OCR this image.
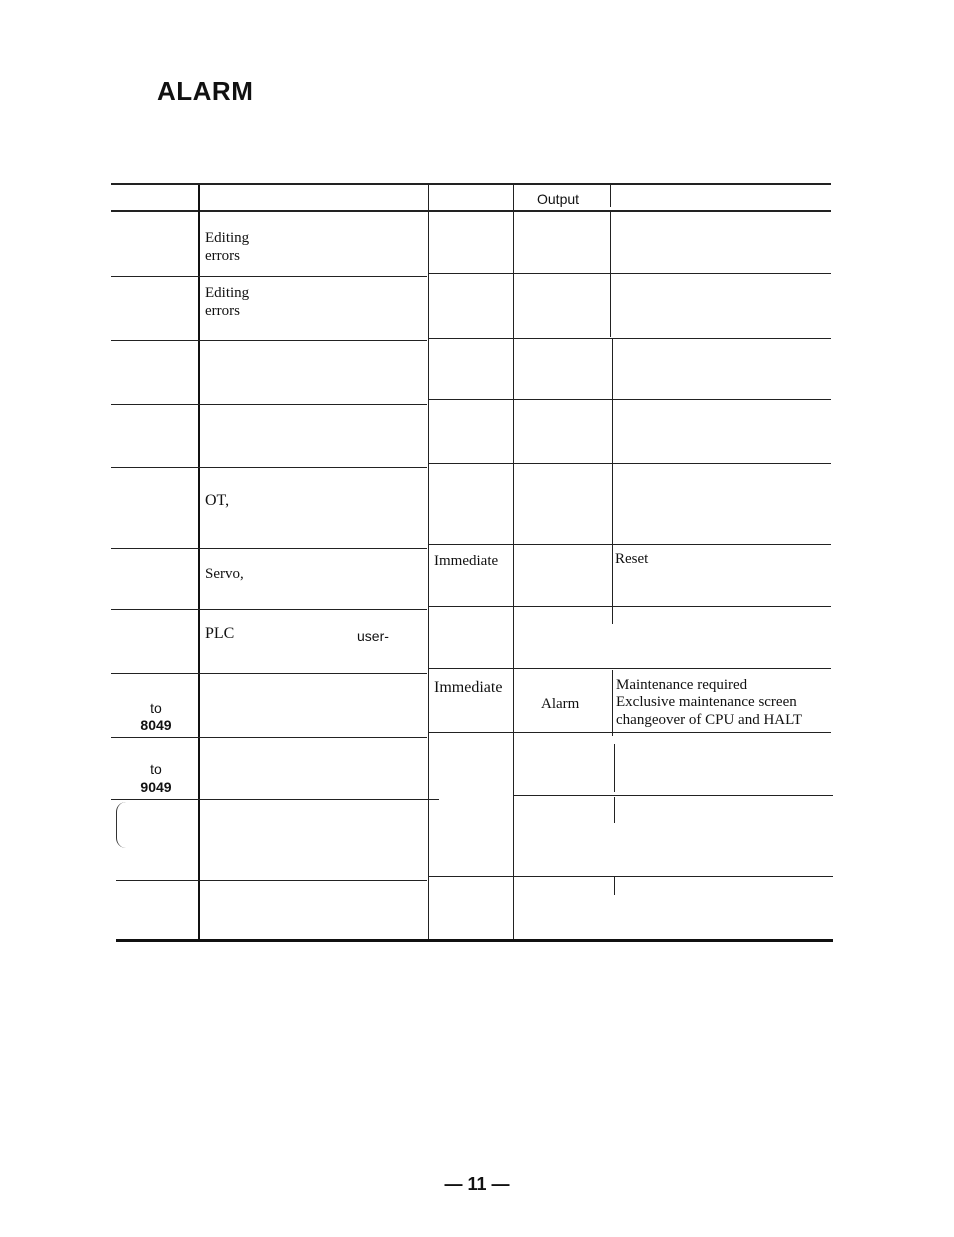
ALARM
Output
Editing
errors
Editing
errors
OT,
Servo,
Immediate	Reset
PLC	user-
to
8049
Immediate
Alarm
Maintenance required
Exclusive maintenance screen
changeover of CPU and HALT
to
9049
— 11 —
